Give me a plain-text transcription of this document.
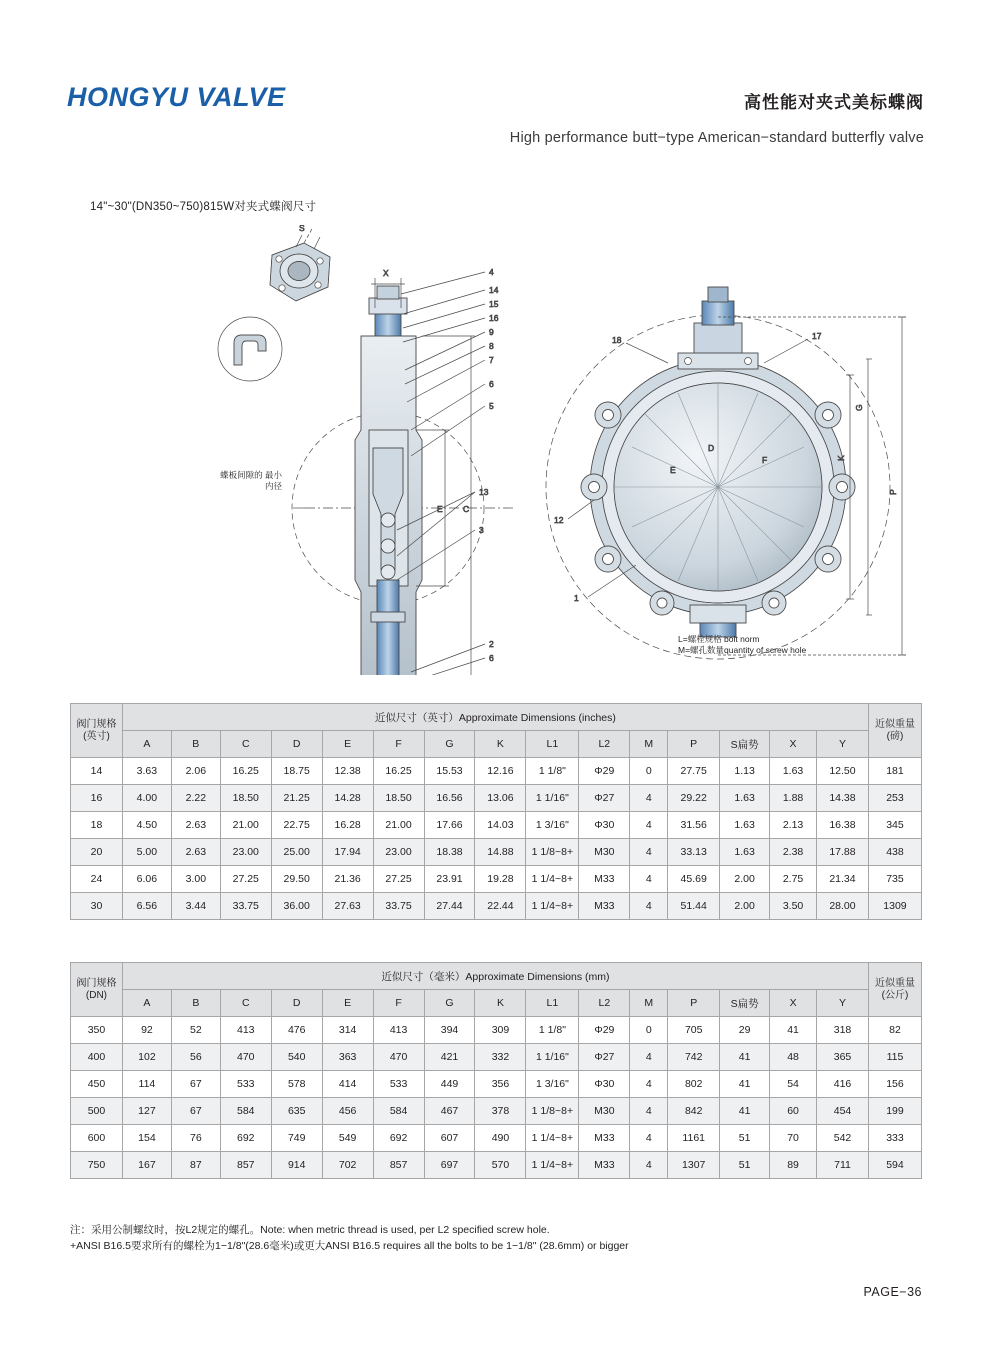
HONGYU VALVE	高性能对夹式美标蝶阀
High performance butt−type American−standard butterfly valve
14"~30"(DN350~750)815W对夹式蝶阀尺寸
S
X
E C
4
14
15
16
9
8
7
6
5
13
3
2
6
18	17
12
1
D
F
E
G
K
P
蝶板间隙的 最小内径
L=螺栓规格 bolt norm
M=螺孔数量quantity of screw hole
阀门规格(英寸)	近似尺寸（英寸）Approximate Dimensions (inches)															近似重量(磅)
	A	B	C	D	E	F	G	K	L1	L2	M	P	S扁势	X	Y	
14	3.63	2.06	16.25	18.75	12.38	16.25	15.53	12.16	1 1/8"	Φ29	0	27.75	1.13	1.63	12.50	181
16	4.00	2.22	18.50	21.25	14.28	18.50	16.56	13.06	1 1/16"	Φ27	4	29.22	1.63	1.88	14.38	253
18	4.50	2.63	21.00	22.75	16.28	21.00	17.66	14.03	1 3/16"	Φ30	4	31.56	1.63	2.13	16.38	345
20	5.00	2.63	23.00	25.00	17.94	23.00	18.38	14.88	1 1/8~8+	M30	4	33.13	1.63	2.38	17.88	438
24	6.06	3.00	27.25	29.50	21.36	27.25	23.91	19.28	1 1/4~8+	M33	4	45.69	2.00	2.75	21.34	735
30	6.56	3.44	33.75	36.00	27.63	33.75	27.44	22.44	1 1/4~8+	M33	4	51.44	2.00	3.50	28.00	1309
阀门规格(DN)	近似尺寸（毫米）Approximate Dimensions (mm)															近似重量(公斤)
	A	B	C	D	E	F	G	K	L1	L2	M	P	S扁势	X	Y	
350	92	52	413	476	314	413	394	309	1 1/8"	Φ29	0	705	29	41	318	82
400	102	56	470	540	363	470	421	332	1 1/16"	Φ27	4	742	41	48	365	115
450	114	67	533	578	414	533	449	356	1 3/16"	Φ30	4	802	41	54	416	156
500	127	67	584	635	456	584	467	378	1 1/8~8+	M30	4	842	41	60	454	199
600	154	76	692	749	549	692	607	490	1 1/4~8+	M33	4	1161	51	70	542	333
750	167	87	857	914	702	857	697	570	1 1/4~8+	M33	4	1307	51	89	711	594
注：采用公制螺纹时，按L2规定的螺孔。Note: when metric thread is used, per L2 specified screw hole.
+ANSI B16.5要求所有的螺栓为1−1/8"(28.6毫米)或更大ANSI B16.5 requires all the bolts to be 1−1/8" (28.6mm) or bigger
PAGE−36
